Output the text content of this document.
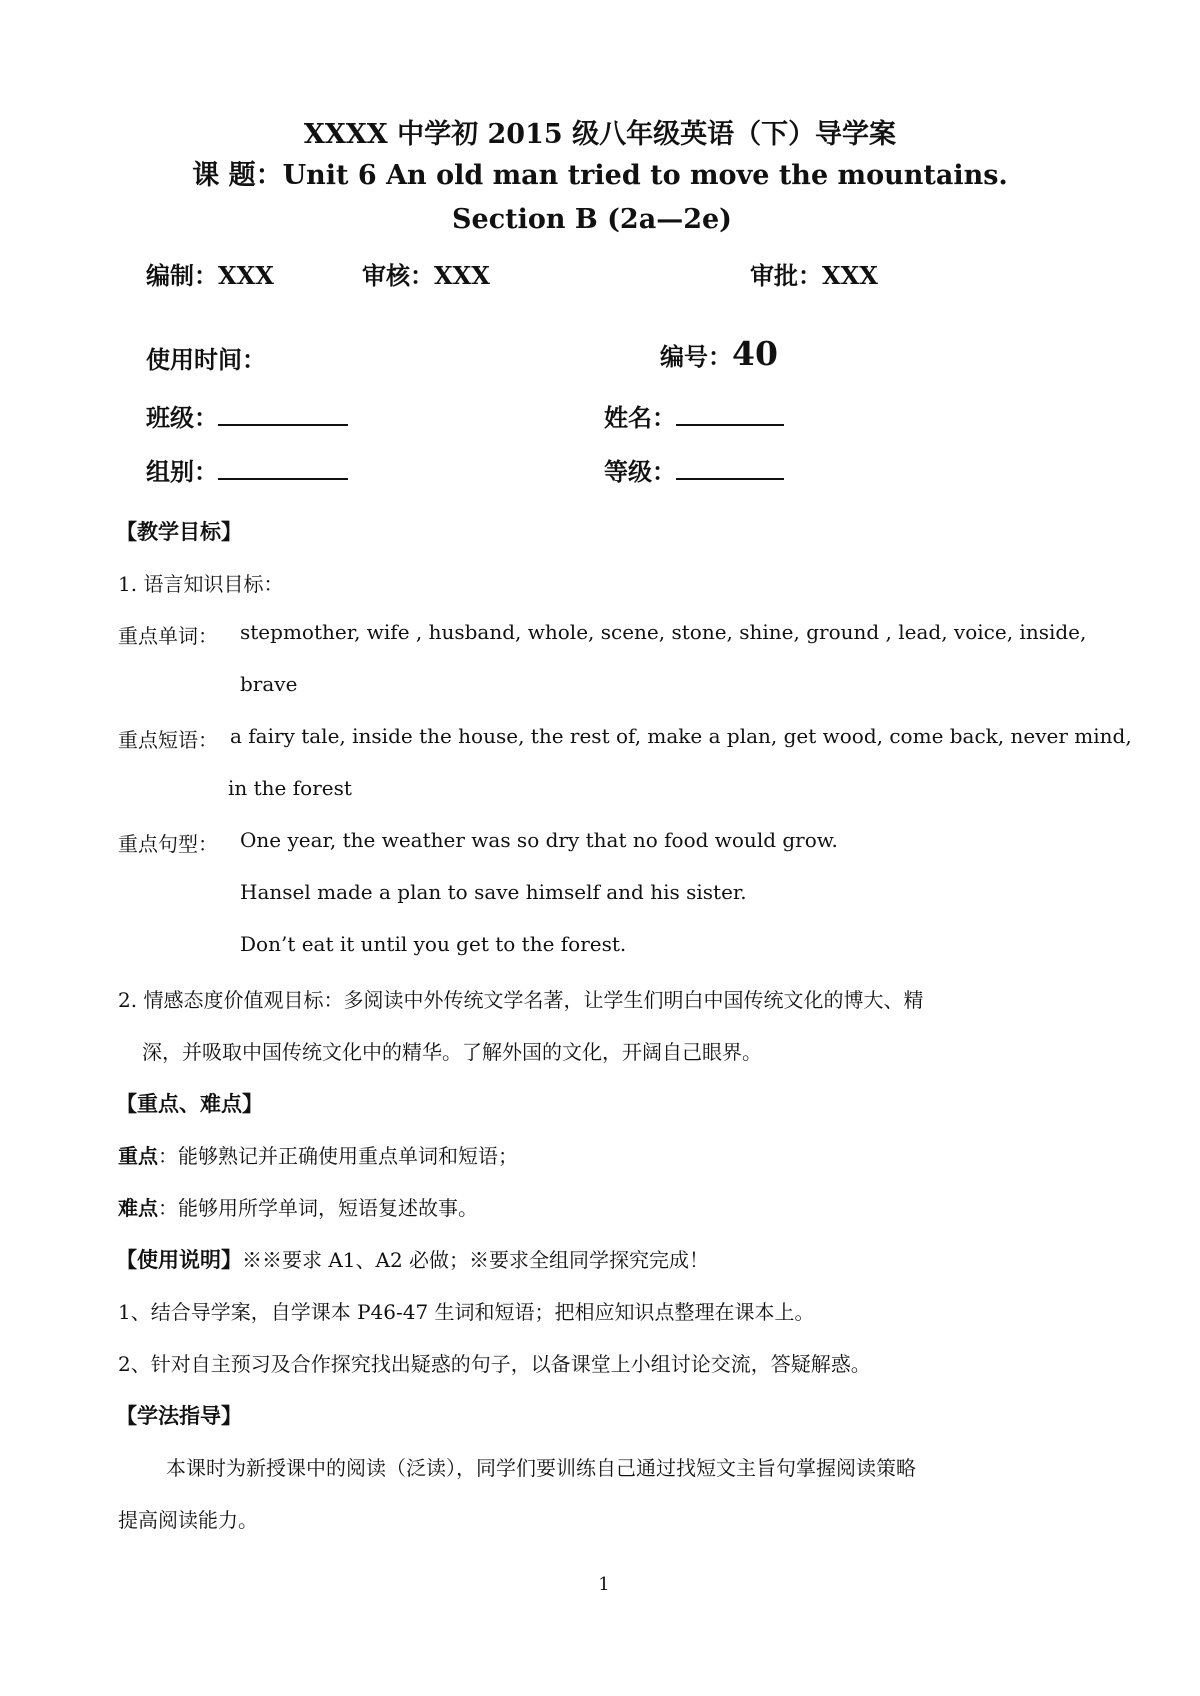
XXXX 中学初 2015 级八年级英语（下）导学案
课 题：Unit 6 An old man tried to move the mountains.
Section B (2a—2e)
编制：XXX	审核：XXX	审批：XXX
使用时间：	编号：40
班级：	姓名：
组别：	等级：
【教学目标】
1. 语言知识目标：
重点单词： stepmother, wife , husband, whole, scene, stone, shine, ground , lead, voice, inside,
brave
重点短语： a fairy tale, inside the house, the rest of, make a plan, get wood, come back, never mind,
in the forest
重点句型： One year, the weather was so dry that no food would grow.
Hansel made a plan to save himself and his sister.
Don’t eat it until you get to the forest.
2. 情感态度价值观目标：多阅读中外传统文学名著，让学生们明白中国传统文化的博大、精
深，并吸取中国传统文化中的精华。了解外国的文化，开阔自己眼界。
【重点、难点】
重点：能够熟记并正确使用重点单词和短语；
难点：能够用所学单词，短语复述故事。
【使用说明】※※要求 A1、A2 必做；※要求全组同学探究完成！
1、结合导学案，自学课本 P46-47 生词和短语；把相应知识点整理在课本上。
2、针对自主预习及合作探究找出疑惑的句子，以备课堂上小组讨论交流，答疑解惑。
【学法指导】
本课时为新授课中的阅读（泛读），同学们要训练自己通过找短文主旨句掌握阅读策略
提高阅读能力。
1
